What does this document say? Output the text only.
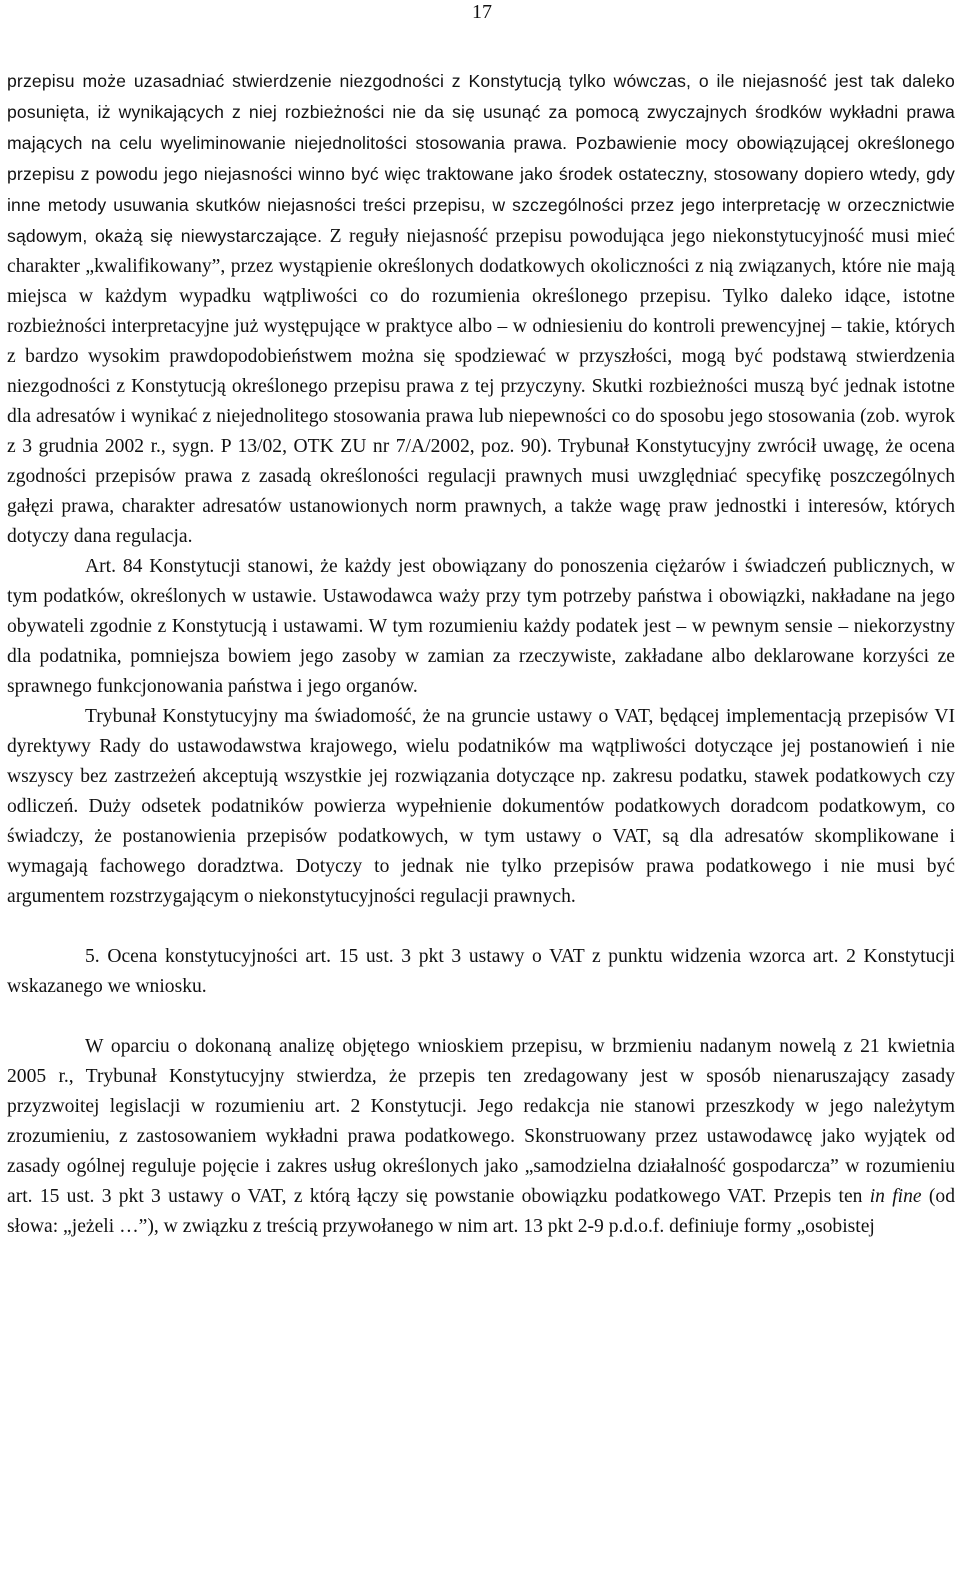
17

przepisu może uzasadniać stwierdzenie niezgodności z Konstytucją tylko wówczas, o ile niejasność jest tak daleko posunięta, iż wynikających z niej rozbieżności nie da się usunąć za pomocą zwyczajnych środków wykładni prawa mających na celu wyeliminowanie niejednolitości stosowania prawa. Pozbawienie mocy obowiązującej określonego przepisu z powodu jego niejasności winno być więc traktowane jako środek ostateczny, stosowany dopiero wtedy, gdy inne metody usuwania skutków niejasności treści przepisu, w szczególności przez jego interpretację w orzecznictwie sądowym, okażą się niewystarczające. Z reguły niejasność przepisu powodująca jego niekonstytucyjność musi mieć charakter „kwalifikowany”, przez wystąpienie określonych dodatkowych okoliczności z nią związanych, które nie mają miejsca w każdym wypadku wątpliwości co do rozumienia określonego przepisu. Tylko daleko idące, istotne rozbieżności interpretacyjne już występujące w praktyce albo – w odniesieniu do kontroli prewencyjnej – takie, których z bardzo wysokim prawdopodobieństwem można się spodziewać w przyszłości, mogą być podstawą stwierdzenia niezgodności z Konstytucją określonego przepisu prawa z tej przyczyny. Skutki rozbieżności muszą być jednak istotne dla adresatów i wynikać z niejednolitego stosowania prawa lub niepewności co do sposobu jego stosowania (zob. wyrok z 3 grudnia 2002 r., sygn. P 13/02, OTK ZU nr 7/A/2002, poz. 90). Trybunał Konstytucyjny zwrócił uwagę, że ocena zgodności przepisów prawa z zasadą określoności regulacji prawnych musi uwzględniać specyfikę poszczególnych gałęzi prawa, charakter adresatów ustanowionych norm prawnych, a także wagę praw jednostki i interesów, których dotyczy dana regulacja.

Art. 84 Konstytucji stanowi, że każdy jest obowiązany do ponoszenia ciężarów i świadczeń publicznych, w tym podatków, określonych w ustawie. Ustawodawca waży przy tym potrzeby państwa i obowiązki, nakładane na jego obywateli zgodnie z Konstytucją i ustawami. W tym rozumieniu każdy podatek jest – w pewnym sensie – niekorzystny dla podatnika, pomniejsza bowiem jego zasoby w zamian za rzeczywiste, zakładane albo deklarowane korzyści ze sprawnego funkcjonowania państwa i jego organów.

Trybunał Konstytucyjny ma świadomość, że na gruncie ustawy o VAT, będącej implementacją przepisów VI dyrektywy Rady do ustawodawstwa krajowego, wielu podatników ma wątpliwości dotyczące jej postanowień i nie wszyscy bez zastrzeżeń akceptują wszystkie jej rozwiązania dotyczące np. zakresu podatku, stawek podatkowych czy odliczeń. Duży odsetek podatników powierza wypełnienie dokumentów podatkowych doradcom podatkowym, co świadczy, że postanowienia przepisów podatkowych, w tym ustawy o VAT, są dla adresatów skomplikowane i wymagają fachowego doradztwa. Dotyczy to jednak nie tylko przepisów prawa podatkowego i nie musi być argumentem rozstrzygającym o niekonstytucyjności regulacji prawnych.

5. Ocena konstytucyjności art. 15 ust. 3 pkt 3 ustawy o VAT z punktu widzenia wzorca art. 2 Konstytucji wskazanego we wniosku.

W oparciu o dokonaną analizę objętego wnioskiem przepisu, w brzmieniu nadanym nowelą z 21 kwietnia 2005 r., Trybunał Konstytucyjny stwierdza, że przepis ten zredagowany jest w sposób nienaruszający zasady przyzwoitej legislacji w rozumieniu art. 2 Konstytucji. Jego redakcja nie stanowi przeszkody w jego należytym zrozumieniu, z zastosowaniem wykładni prawa podatkowego. Skonstruowany przez ustawodawcę jako wyjątek od zasady ogólnej reguluje pojęcie i zakres usług określonych jako „samodzielna działalność gospodarcza” w rozumieniu art. 15 ust. 3 pkt 3 ustawy o VAT, z którą łączy się powstanie obowiązku podatkowego VAT. Przepis ten in fine (od słowa: „jeżeli …”), w związku z treścią przywołanego w nim art. 13 pkt 2-9 p.d.o.f. definiuje formy „osobistej
